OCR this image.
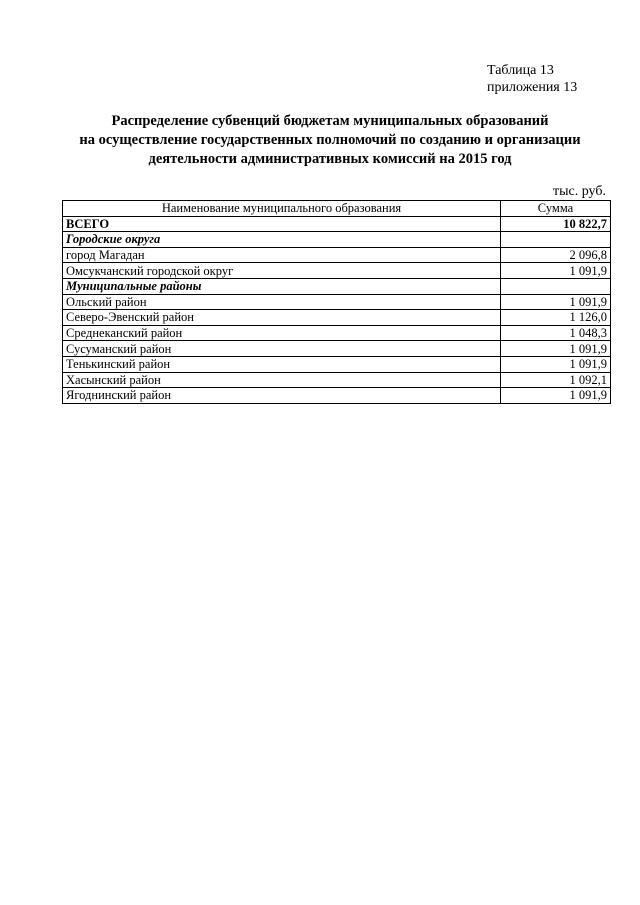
Таблица 13
приложения 13
Распределение субвенций бюджетам муниципальных образований
на осуществление государственных полномочий по созданию и организации
деятельности административных комиссий на 2015 год
тыс. руб.
Наименование муниципального образования	Сумма
ВСЕГО	10 822,7
Городские округа	
город Магадан	2 096,8
Омсукчанский городской округ	1 091,9
Муниципальные районы	
Ольский район	1 091,9
Северо-Эвенский район	1 126,0
Среднеканский район	1 048,3
Сусуманский район	1 091,9
Тенькинский район	1 091,9
Хасынский район	1 092,1
Ягоднинский район	1 091,9
